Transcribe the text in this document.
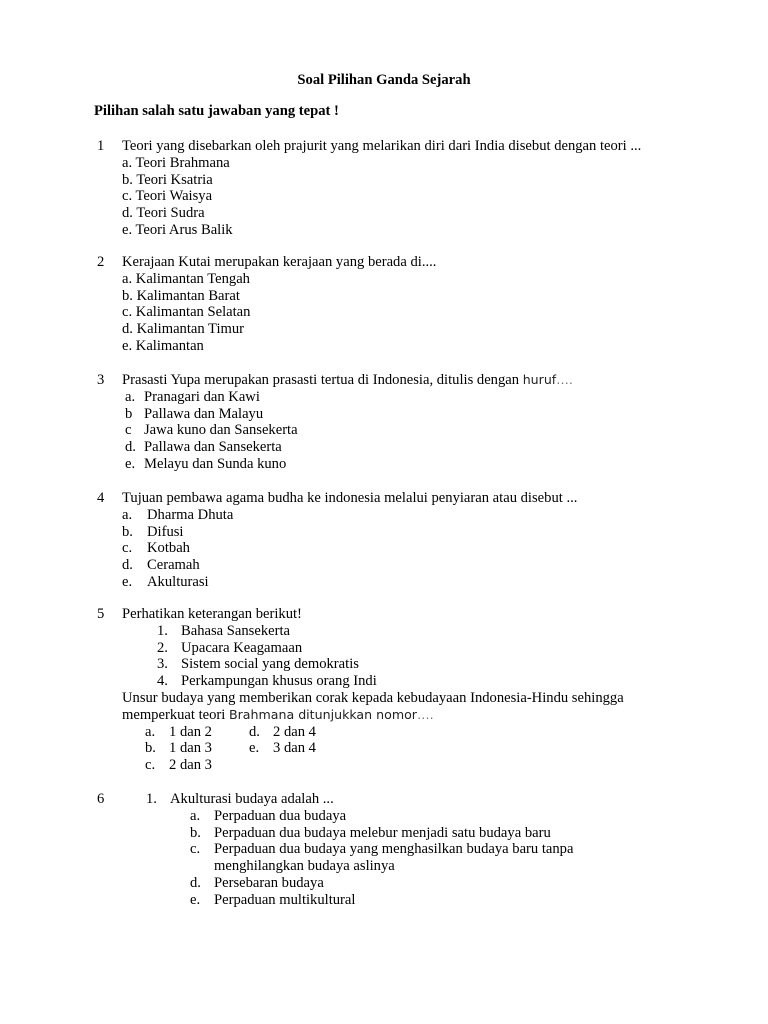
Soal Pilihan Ganda Sejarah
Pilihan salah satu jawaban yang tepat !
1 Teori yang disebarkan oleh prajurit yang melarikan diri dari India disebut dengan teori ...
a. Teori Brahmana
b. Teori Ksatria
c. Teori Waisya
d. Teori Sudra
e. Teori Arus Balik
2 Kerajaan Kutai merupakan kerajaan yang berada di....
a. Kalimantan Tengah
b. Kalimantan Barat
c. Kalimantan Selatan
d. Kalimantan Timur
e. Kalimantan
3 Prasasti Yupa merupakan prasasti tertua di Indonesia, ditulis dengan huruf….
a. Pranagari dan Kawi
b Pallawa dan Malayu
c Jawa kuno dan Sansekerta
d. Pallawa dan Sansekerta
e. Melayu dan Sunda kuno
4 Tujuan pembawa agama budha ke indonesia melalui penyiaran atau disebut ...
a. Dharma Dhuta
b. Difusi
c. Kotbah
d. Ceramah
e. Akulturasi
5 Perhatikan keterangan berikut!
1. Bahasa Sansekerta
2. Upacara Keagamaan
3. Sistem social yang demokratis
4. Perkampungan khusus orang Indi
Unsur budaya yang memberikan corak kepada kebudayaan Indonesia-Hindu sehingga
memperkuat teori Brahmana ditunjukkan nomor….
a. 1 dan 2	d. 2 dan 4
b. 1 dan 3	e. 3 dan 4
c. 2 dan 3
6	1. Akulturasi budaya adalah ...
a. Perpaduan dua budaya
b. Perpaduan dua budaya melebur menjadi satu budaya baru
c. Perpaduan dua budaya yang menghasilkan budaya baru tanpa
menghilangkan budaya aslinya
d. Persebaran budaya
e. Perpaduan multikultural
